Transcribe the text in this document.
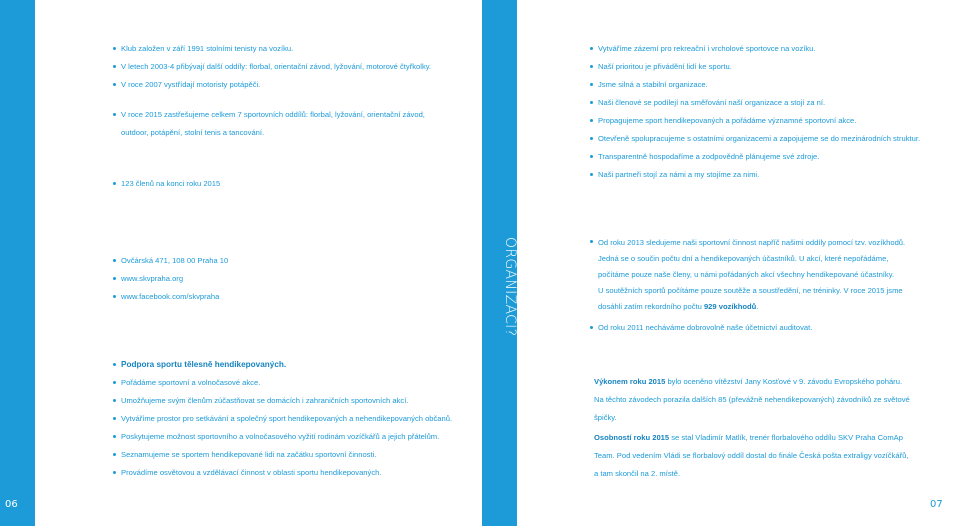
HISTORIE
POČET
ČLENŮ
ADRESA
POSLÁNÍ
VIZE
ČÍM SE LIŠÍME
OD JINÝCH
ORGANIZACÍ?
OCENĚNÍ VÝBORU
KLUBU V ROCE 2015
06	07
Klub založen v září 1991 stolními tenisty na vozíku.
V letech 2003-4 přibývají další oddíly: florbal, orientační závod, lyžování, motorové čtyřkolky.
V roce 2007 vystřídají motoristy potápěči.
V roce 2015 zastřešujeme celkem 7 sportovních oddílů: florbal, lyžování, orientační závod,
outdoor, potápění, stolní tenis a tancování.
123 členů na konci roku 2015
Ovčárská 471, 108 00 Praha 10
www.skvpraha.org
www.facebook.com/skvpraha
Podpora sportu tělesně hendikepovaných.
Pořádáme sportovní a volnočasové akce.
Umožňujeme svým členům zúčastňovat se domácích i zahraničních sportovních akcí.
Vytváříme prostor pro setkávání a společný sport hendikepovaných a nehendikepovaných občanů.
Poskytujeme možnost sportovního a volnočasového vyžití rodinám vozíčkářů a jejich přátelům.
Seznamujeme se sportem hendikepované lidi na začátku sportovní činnosti.
Provádíme osvětovou a vzdělávací činnost v oblasti sportu hendikepovaných.
Vytváříme zázemí pro rekreační i vrcholové sportovce na vozíku.
Naší prioritou je přivádění lidí ke sportu.
Jsme silná a stabilní organizace.
Naši členové se podílejí na směřování naší organizace a stojí za ní.
Propagujeme sport hendikepovaných a pořádáme významné sportovní akce.
Otevřeně spolupracujeme s ostatními organizacemi a zapojujeme se do mezinárodních struktur.
Transparentně hospodaříme a zodpovědně plánujeme své zdroje.
Naši partneři stojí za námi a my stojíme za nimi.
Od roku 2013 sledujeme naši sportovní činnost napříč našimi oddíly pomocí tzv. vozíkhodů.
Jedná se o součin počtu dní a hendikepovaných účastníků. U akcí, které nepořádáme,
počítáme pouze naše členy, u námi pořádaných akcí všechny hendikepované účastníky.
U soutěžních sportů počítáme pouze soutěže a soustředění, ne tréninky. V roce 2015 jsme
dosáhli zatím rekordního počtu 929 vozíkhodů.
Od roku 2011 necháváme dobrovolně naše účetnictví auditovat.
Výkonem roku 2015 bylo oceněno vítězství Jany Kosťové v 9. závodu Evropského poháru.
Na těchto závodech porazila dalších 85 (převážně nehendikepovaných) závodníků ze světové
špičky.
Osobností roku 2015 se stal Vladimír Matlík, trenér florbalového oddílu SKV Praha ComAp
Team. Pod vedením Vládi se florbalový oddíl dostal do finále Česká pošta extraligy vozíčkářů,
a tam skončil na 2. místě.
